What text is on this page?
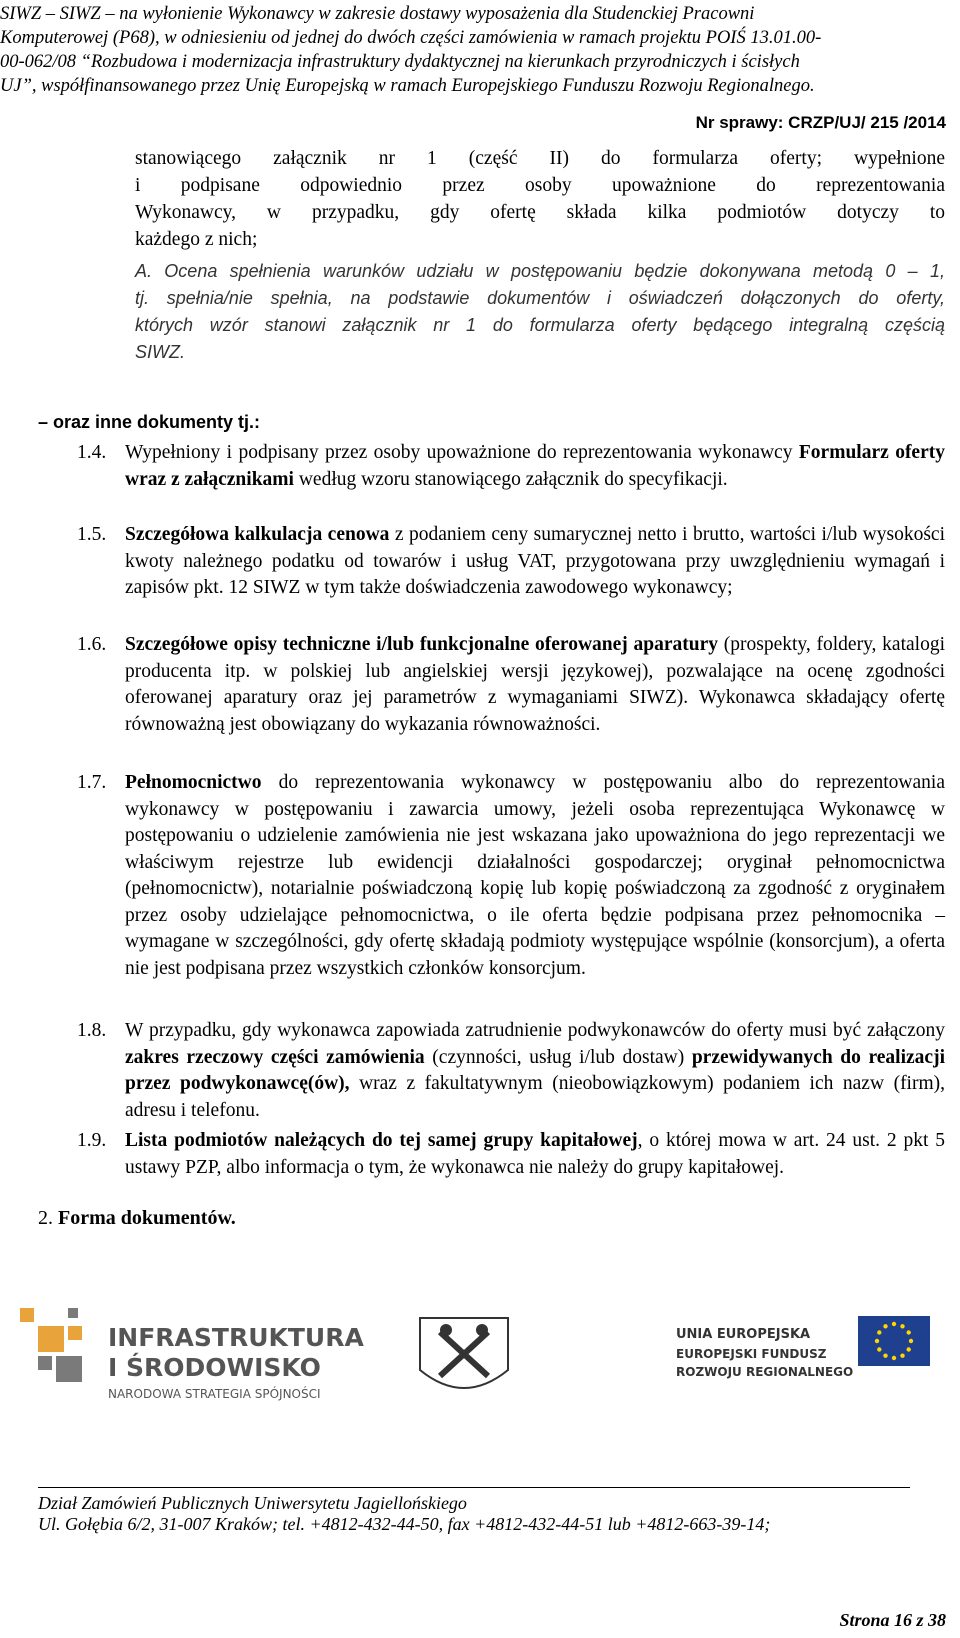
SIWZ – SIWZ – na wyłonienie Wykonawcy w zakresie dostawy wyposażenia dla Studenckiej Pracowni
Komputerowej (P68), w odniesieniu od jednej do dwóch części zamówienia w ramach projektu POIŚ 13.01.00-
00-062/08 “Rozbudowa i modernizacja infrastruktury dydaktycznej na kierunkach przyrodniczych i ścisłych
UJ”, współfinansowanego przez Unię Europejską w ramach Europejskiego Funduszu Rozwoju Regionalnego.
Nr sprawy: CRZP/UJ/ 215 /2014
stanowiącego załącznik nr 1 (część II) do formularza oferty; wypełnione
i podpisane odpowiednio przez osoby upoważnione do reprezentowania
Wykonawcy, w przypadku, gdy ofertę składa kilka podmiotów dotyczy to
każdego z nich;
A. Ocena spełnienia warunków udziału w postępowaniu będzie dokonywana metodą 0 – 1,
tj. spełnia/nie spełnia, na podstawie dokumentów i oświadczeń dołączonych do oferty,
których wzór stanowi załącznik nr 1 do formularza oferty będącego integralną częścią
SIWZ.
– oraz inne dokumenty tj.:
1.4. Wypełniony i podpisany przez osoby upoważnione do reprezentowania wykonawcy Formularz oferty wraz z załącznikami według wzoru stanowiącego załącznik do specyfikacji.
1.5. Szczegółowa kalkulacja cenowa z podaniem ceny sumarycznej netto i brutto, wartości i/lub wysokości kwoty należnego podatku od towarów i usług VAT, przygotowana przy uwzględnieniu wymagań i zapisów pkt. 12 SIWZ w tym także doświadczenia zawodowego wykonawcy;
1.6. Szczegółowe opisy techniczne i/lub funkcjonalne oferowanej aparatury (prospekty, foldery, katalogi producenta itp. w polskiej lub angielskiej wersji językowej), pozwalające na ocenę zgodności oferowanej aparatury oraz jej parametrów z wymaganiami SIWZ). Wykonawca składający ofertę równoważną jest obowiązany do wykazania równoważności.
1.7. Pełnomocnictwo do reprezentowania wykonawcy w postępowaniu albo do reprezentowania wykonawcy w postępowaniu i zawarcia umowy, jeżeli osoba reprezentująca Wykonawcę w postępowaniu o udzielenie zamówienia nie jest wskazana jako upoważniona do jego reprezentacji we właściwym rejestrze lub ewidencji działalności gospodarczej; oryginał pełnomocnictwa (pełnomocnictw), notarialnie poświadczoną kopię lub kopię poświadczoną za zgodność z oryginałem przez osoby udzielające pełnomocnictwa, o ile oferta będzie podpisana przez pełnomocnika – wymagane w szczególności, gdy ofertę składają podmioty występujące wspólnie (konsorcjum), a oferta nie jest podpisana przez wszystkich członków konsorcjum.
1.8. W przypadku, gdy wykonawca zapowiada zatrudnienie podwykonawców do oferty musi być załączony zakres rzeczowy części zamówienia (czynności, usług i/lub dostaw) przewidywanych do realizacji przez podwykonawcę(ów), wraz z fakultatywnym (nieobowiązkowym) podaniem ich nazw (firm), adresu i telefonu.
1.9. Lista podmiotów należących do tej samej grupy kapitałowej, o której mowa w art. 24 ust. 2 pkt 5 ustawy PZP, albo informacja o tym, że wykonawca nie należy do grupy kapitałowej.
2. Forma dokumentów.
INFRASTRUKTURA
I ŚRODOWISKO
NARODOWA STRATEGIA SPÓJNOŚCI
UNIA EUROPEJSKA
EUROPEJSKI FUNDUSZ
ROZWOJU REGIONALNEGO
Dział Zamówień Publicznych Uniwersytetu Jagiellońskiego
Ul. Gołębia 6/2, 31-007 Kraków; tel. +4812-432-44-50, fax +4812-432-44-51 lub +4812-663-39-14;
Strona 16 z 38
